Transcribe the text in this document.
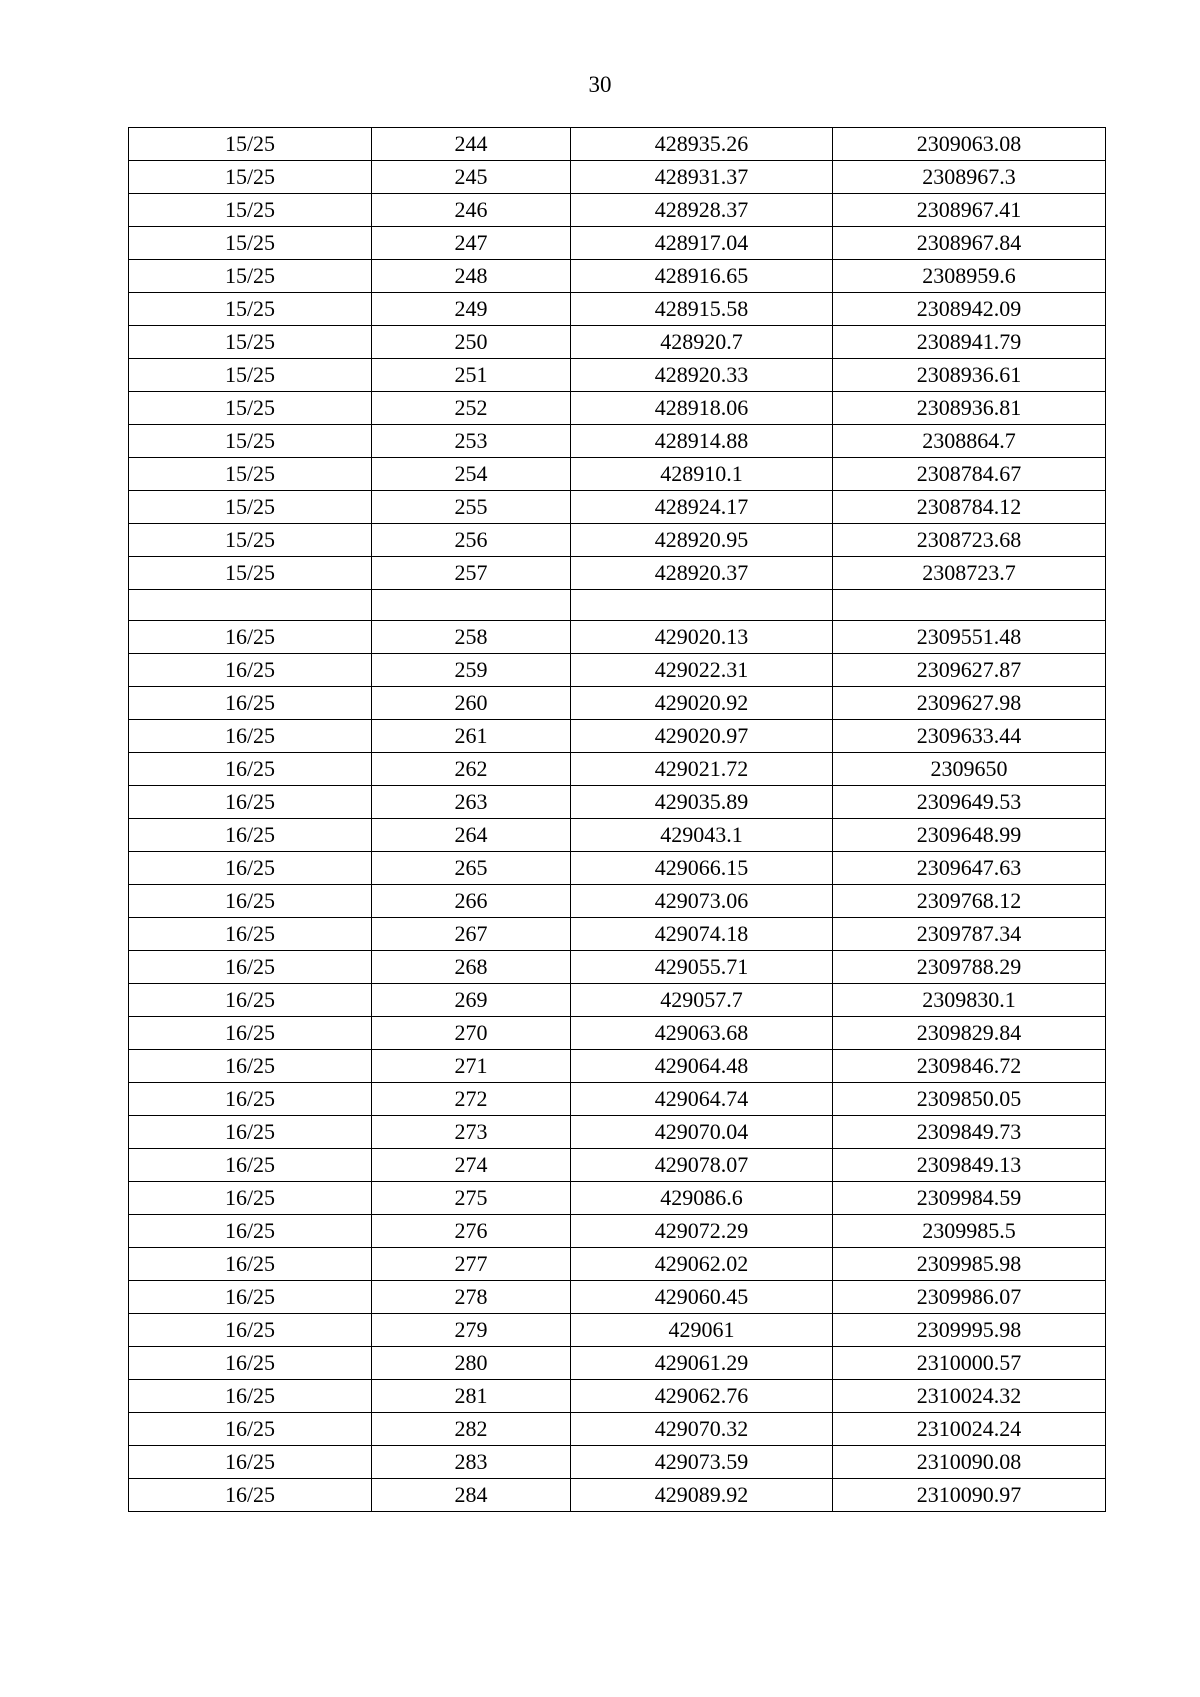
30
15/25	244	428935.26	2309063.08
15/25	245	428931.37	2308967.3
15/25	246	428928.37	2308967.41
15/25	247	428917.04	2308967.84
15/25	248	428916.65	2308959.6
15/25	249	428915.58	2308942.09
15/25	250	428920.7	2308941.79
15/25	251	428920.33	2308936.61
15/25	252	428918.06	2308936.81
15/25	253	428914.88	2308864.7
15/25	254	428910.1	2308784.67
15/25	255	428924.17	2308784.12
15/25	256	428920.95	2308723.68
15/25	257	428920.37	2308723.7

16/25	258	429020.13	2309551.48
16/25	259	429022.31	2309627.87
16/25	260	429020.92	2309627.98
16/25	261	429020.97	2309633.44
16/25	262	429021.72	2309650
16/25	263	429035.89	2309649.53
16/25	264	429043.1	2309648.99
16/25	265	429066.15	2309647.63
16/25	266	429073.06	2309768.12
16/25	267	429074.18	2309787.34
16/25	268	429055.71	2309788.29
16/25	269	429057.7	2309830.1
16/25	270	429063.68	2309829.84
16/25	271	429064.48	2309846.72
16/25	272	429064.74	2309850.05
16/25	273	429070.04	2309849.73
16/25	274	429078.07	2309849.13
16/25	275	429086.6	2309984.59
16/25	276	429072.29	2309985.5
16/25	277	429062.02	2309985.98
16/25	278	429060.45	2309986.07
16/25	279	429061	2309995.98
16/25	280	429061.29	2310000.57
16/25	281	429062.76	2310024.32
16/25	282	429070.32	2310024.24
16/25	283	429073.59	2310090.08
16/25	284	429089.92	2310090.97
